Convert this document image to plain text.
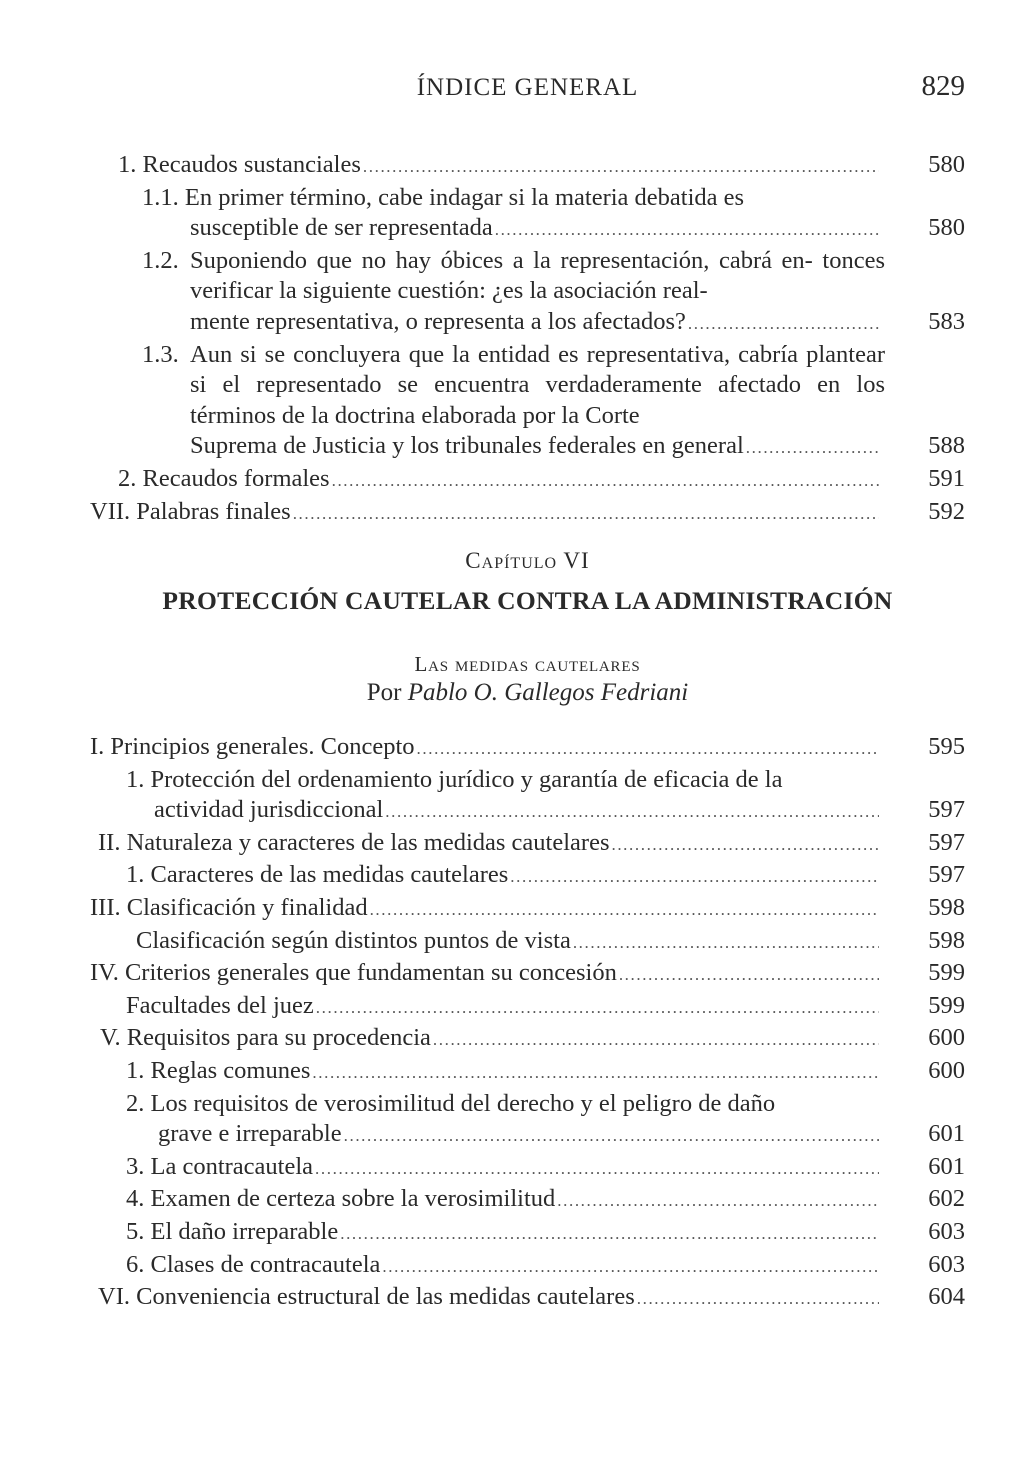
ÍNDICE GENERAL	829
1. Recaudos sustanciales .....	580
1.1. En primer término, cabe indagar si la materia debatida es
susceptible de ser representada .....	580
1.2. Suponiendo que no hay óbices a la representación, cabrá en- tonces verificar la siguiente cuestión: ¿es la asociación real-
mente representativa, o representa a los afectados? .....	583
1.3. Aun si se concluyera que la entidad es representativa, cabría plantear si el representado se encuentra verdaderamente afectado en los términos de la doctrina elaborada por la Corte
Suprema de Justicia y los tribunales federales en general .....	588
2. Recaudos formales .....	591
VII. Palabras finales .....	592
Capítulo VI
PROTECCIÓN CAUTELAR CONTRA LA ADMINISTRACIÓN
Las medidas cautelares
Por Pablo O. Gallegos Fedriani
I. Principios generales. Concepto .....	595
1. Protección del ordenamiento jurídico y garantía de eficacia de la
actividad jurisdiccional .....	597
II. Naturaleza y caracteres de las medidas cautelares .....	597
1. Caracteres de las medidas cautelares .....	597
III. Clasificación y finalidad .....	598
Clasificación según distintos puntos de vista .....	598
IV. Criterios generales que fundamentan su concesión .....	599
Facultades del juez .....	599
V. Requisitos para su procedencia .....	600
1. Reglas comunes .....	600
2. Los requisitos de verosimilitud del derecho y el peligro de daño
grave e irreparable .....	601
3. La contracautela .....	601
4. Examen de certeza sobre la verosimilitud .....	602
5. El daño irreparable .....	603
6. Clases de contracautela .....	603
VI. Conveniencia estructural de las medidas cautelares .....	604
